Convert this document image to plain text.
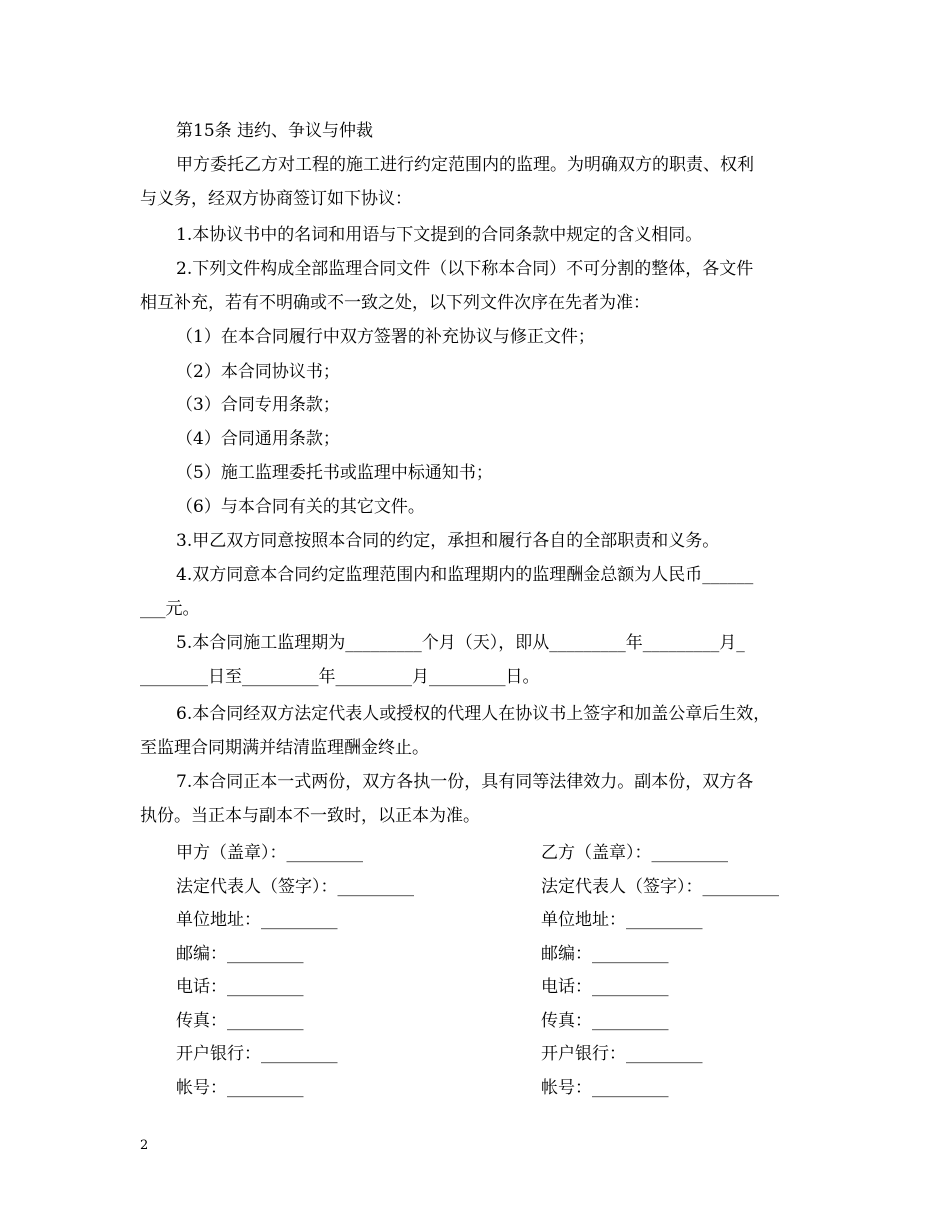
第15条 违约、争议与仲裁
甲方委托乙方对工程的施工进行约定范围内的监理。为明确双方的职责、权利
与义务，经双方协商签订如下协议：
1.本协议书中的名词和用语与下文提到的合同条款中规定的含义相同。
2.下列文件构成全部监理合同文件（以下称本合同）不可分割的整体，各文件
相互补充，若有不明确或不一致之处，以下列文件次序在先者为准：
（1）在本合同履行中双方签署的补充协议与修正文件；
（2）本合同协议书；
（3）合同专用条款；
（4）合同通用条款；
（5）施工监理委托书或监理中标通知书；
（6）与本合同有关的其它文件。
3.甲乙双方同意按照本合同的约定，承担和履行各自的全部职责和义务。
4.双方同意本合同约定监理范围内和监理期内的监理酬金总额为人民币______
___元。
5.本合同施工监理期为_________个月（天），即从_________年_________月_
________日至_________年_________月_________日。
6.本合同经双方法定代表人或授权的代理人在协议书上签字和加盖公章后生效，
至监理合同期满并结清监理酬金终止。
7.本合同正本一式两份，双方各执一份，具有同等法律效力。副本份，双方各
执份。当正本与副本不一致时，以正本为准。
甲方（盖章）：_________
法定代表人（签字）：_________
单位地址：_________
邮编：_________
电话：_________
传真：_________
开户银行：_________
帐号：_________
乙方（盖章）：_________
法定代表人（签字）：_________
单位地址：_________
邮编：_________
电话：_________
传真：_________
开户银行：_________
帐号：_________
2
